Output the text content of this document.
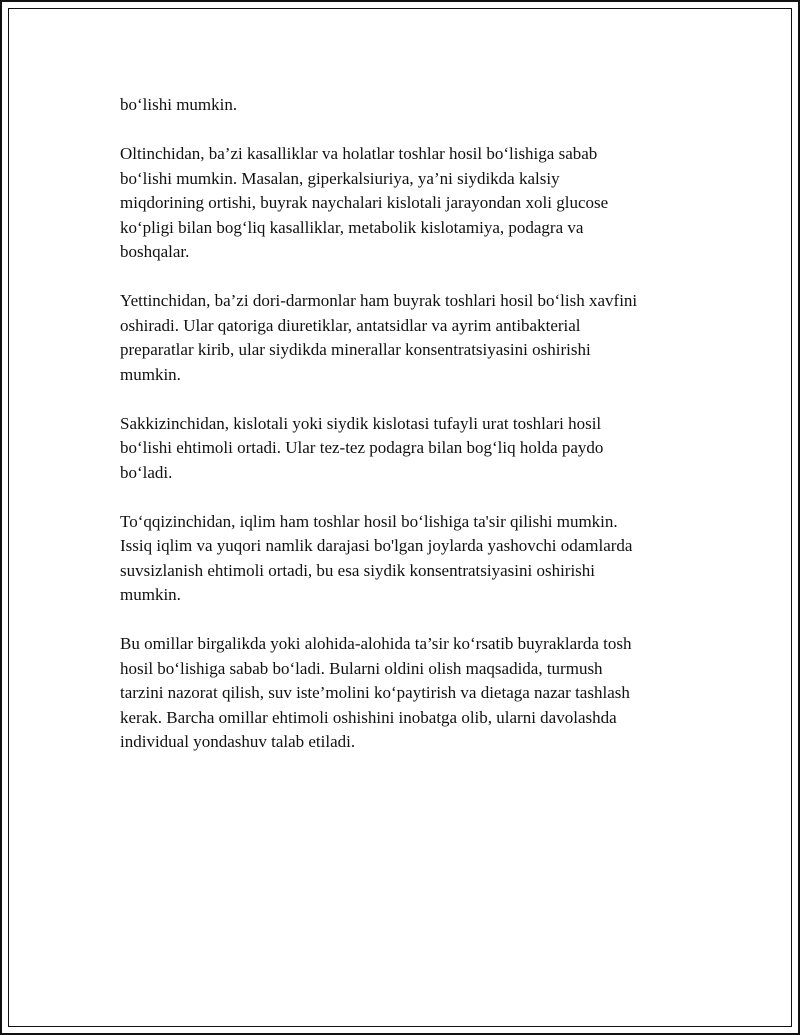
bo‘lishi mumkin.

Oltinchidan, ba’zi kasalliklar va holatlar toshlar hosil bo‘lishiga sabab
bo‘lishi mumkin. Masalan, giperkalsiuriya, ya’ni siydikda kalsiy
miqdorining ortishi, buyrak naychalari kislotali jarayondan xoli glucose
ko‘pligi bilan bog‘liq kasalliklar, metabolik kislotamiya, podagra va
boshqalar.

Yettinchidan, ba’zi dori-darmonlar ham buyrak toshlari hosil bo‘lish xavfini
oshiradi. Ular qatoriga diuretiklar, antatsidlar va ayrim antibakterial
preparatlar kirib, ular siydikda minerallar konsentratsiyasini oshirishi
mumkin.

Sakkizinchidan, kislotali yoki siydik kislotasi tufayli urat toshlari hosil
bo‘lishi ehtimoli ortadi. Ular tez-tez podagra bilan bog‘liq holda paydo
bo‘ladi.

To‘qqizinchidan, iqlim ham toshlar hosil bo‘lishiga ta'sir qilishi mumkin.
Issiq iqlim va yuqori namlik darajasi bo'lgan joylarda yashovchi odamlarda
suvsizlanish ehtimoli ortadi, bu esa siydik konsentratsiyasini oshirishi
mumkin.

Bu omillar birgalikda yoki alohida-alohida ta’sir ko‘rsatib buyraklarda tosh
hosil bo‘lishiga sabab bo‘ladi. Bularni oldini olish maqsadida, turmush
tarzini nazorat qilish, suv iste’molini ko‘paytirish va dietaga nazar tashlash
kerak. Barcha omillar ehtimoli oshishini inobatga olib, ularni davolashda
individual yondashuv talab etiladi.
